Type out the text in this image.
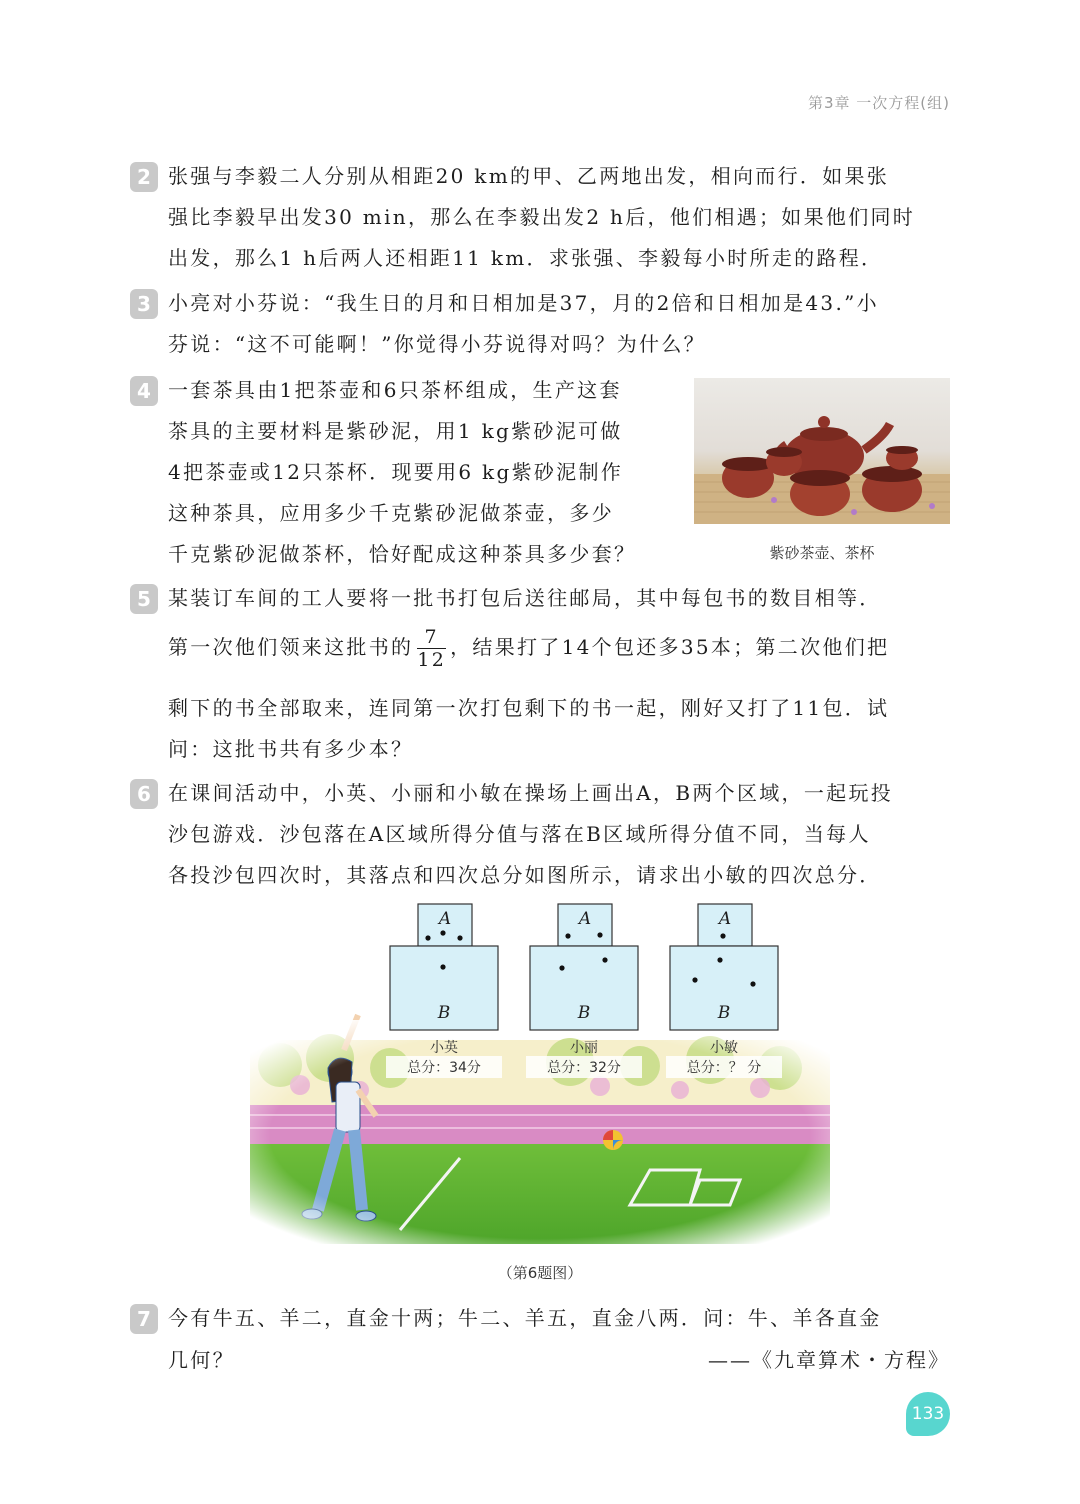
第3章 一次方程(组)
2 张强与李毅二人分别从相距20 km的甲、乙两地出发，相向而行．如果张
强比李毅早出发30 min，那么在李毅出发2 h后，他们相遇；如果他们同时
出发，那么1 h后两人还相距11 km．求张强、李毅每小时所走的路程．
3 小亮对小芬说：“我生日的月和日相加是37，月的2倍和日相加是43.”小
芬说：“这不可能啊！”你觉得小芬说得对吗？为什么？
4 一套茶具由1把茶壶和6只茶杯组成，生产这套
茶具的主要材料是紫砂泥，用1 kg紫砂泥可做
4把茶壶或12只茶杯．现要用6 kg紫砂泥制作
这种茶具，应用多少千克紫砂泥做茶壶，多少
千克紫砂泥做茶杯，恰好配成这种茶具多少套？	紫砂茶壶、茶杯
5 某装订车间的工人要将一批书打包后送往邮局，其中每包书的数目相等．
第一次他们领来这批书的 $\frac{7}{12}$ ，结果打了14个包还多35本；第二次他们把
剩下的书全部取来，连同第一次打包剩下的书一起，刚好又打了11包．试
问：这批书共有多少本？
6 在课间活动中，小英、小丽和小敏在操场上画出A，B两个区域，一起玩投
沙包游戏．沙包落在A区域所得分值与落在B区域所得分值不同，当每人
各投沙包四次时，其落点和四次总分如图所示，请求出小敏的四次总分．
A
B
小英
总分：34分
A
B
小丽
总分：32分
A
B
小敏
总分：？ 分
（第6题图）
7 今有牛五、羊二，直金十两；牛二、羊五，直金八两．问：牛、羊各直金
几何？	——《九章算术・方程》
133
